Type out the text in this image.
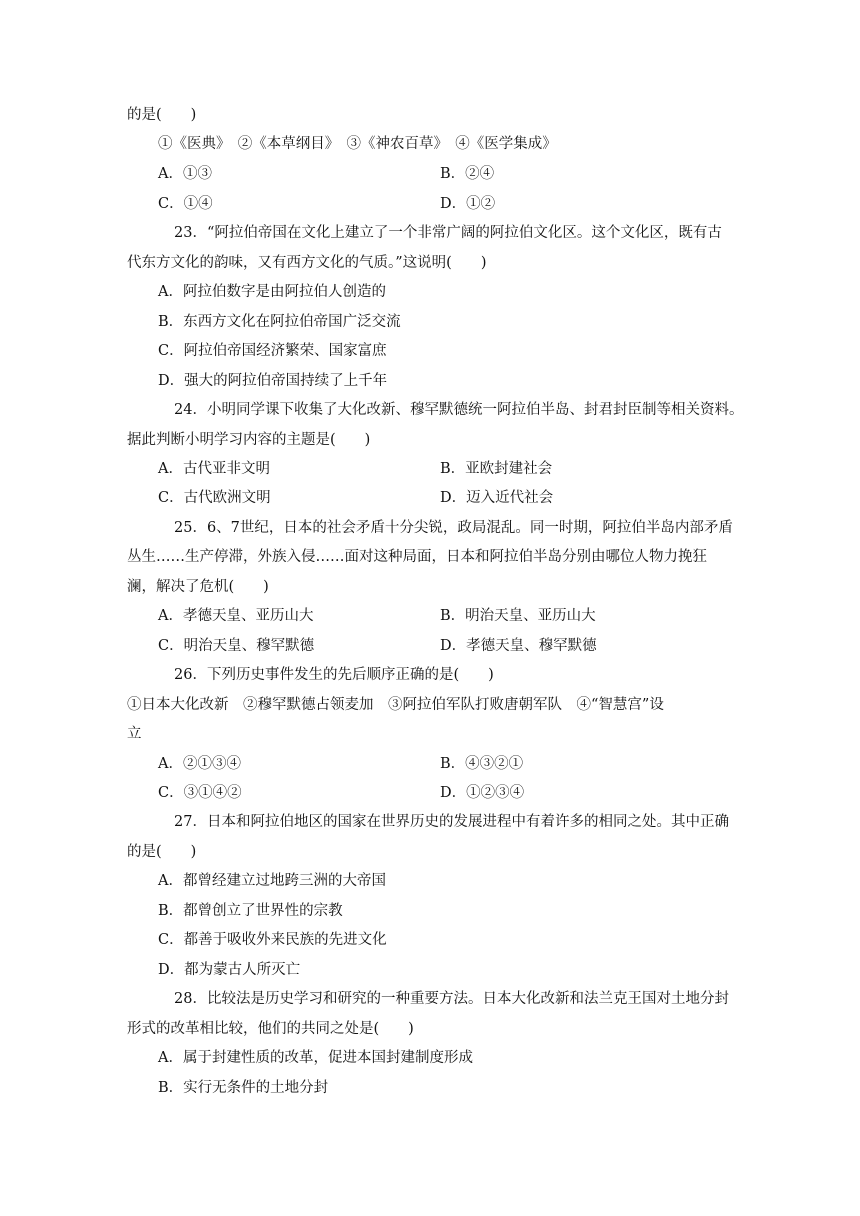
的是(　　)
①《医典》　②《本草纲目》　③《神农百草》　④《医学集成》
A．①③	B．②④
C．①④	D．①②
23．“阿拉伯帝国在文化上建立了一个非常广阔的阿拉伯文化区。这个文化区，既有古
代东方文化的韵味，又有西方文化的气质。”这说明(　　)
A．阿拉伯数字是由阿拉伯人创造的
B．东西方文化在阿拉伯帝国广泛交流
C．阿拉伯帝国经济繁荣、国家富庶
D．强大的阿拉伯帝国持续了上千年
24．小明同学课下收集了大化改新、穆罕默德统一阿拉伯半岛、封君封臣制等相关资料。
据此判断小明学习内容的主题是(　　)
A．古代亚非文明	B．亚欧封建社会
C．古代欧洲文明	D．迈入近代社会
25．6、7世纪，日本的社会矛盾十分尖锐，政局混乱。同一时期，阿拉伯半岛内部矛盾
丛生……生产停滞，外族入侵……面对这种局面，日本和阿拉伯半岛分别由哪位人物力挽狂
澜，解决了危机(　　)
A．孝德天皇、亚历山大	B．明治天皇、亚历山大
C．明治天皇、穆罕默德	D．孝德天皇、穆罕默德
26．下列历史事件发生的先后顺序正确的是(　　)
①日本大化改新　②穆罕默德占领麦加　③阿拉伯军队打败唐朝军队　④“智慧宫”设
立
A．②①③④	B．④③②①
C．③①④②	D．①②③④
27．日本和阿拉伯地区的国家在世界历史的发展进程中有着许多的相同之处。其中正确
的是(　　)
A．都曾经建立过地跨三洲的大帝国
B．都曾创立了世界性的宗教
C．都善于吸收外来民族的先进文化
D．都为蒙古人所灭亡
28．比较法是历史学习和研究的一种重要方法。日本大化改新和法兰克王国对土地分封
形式的改革相比较，他们的共同之处是(　　)
A．属于封建性质的改革，促进本国封建制度形成
B．实行无条件的土地分封
